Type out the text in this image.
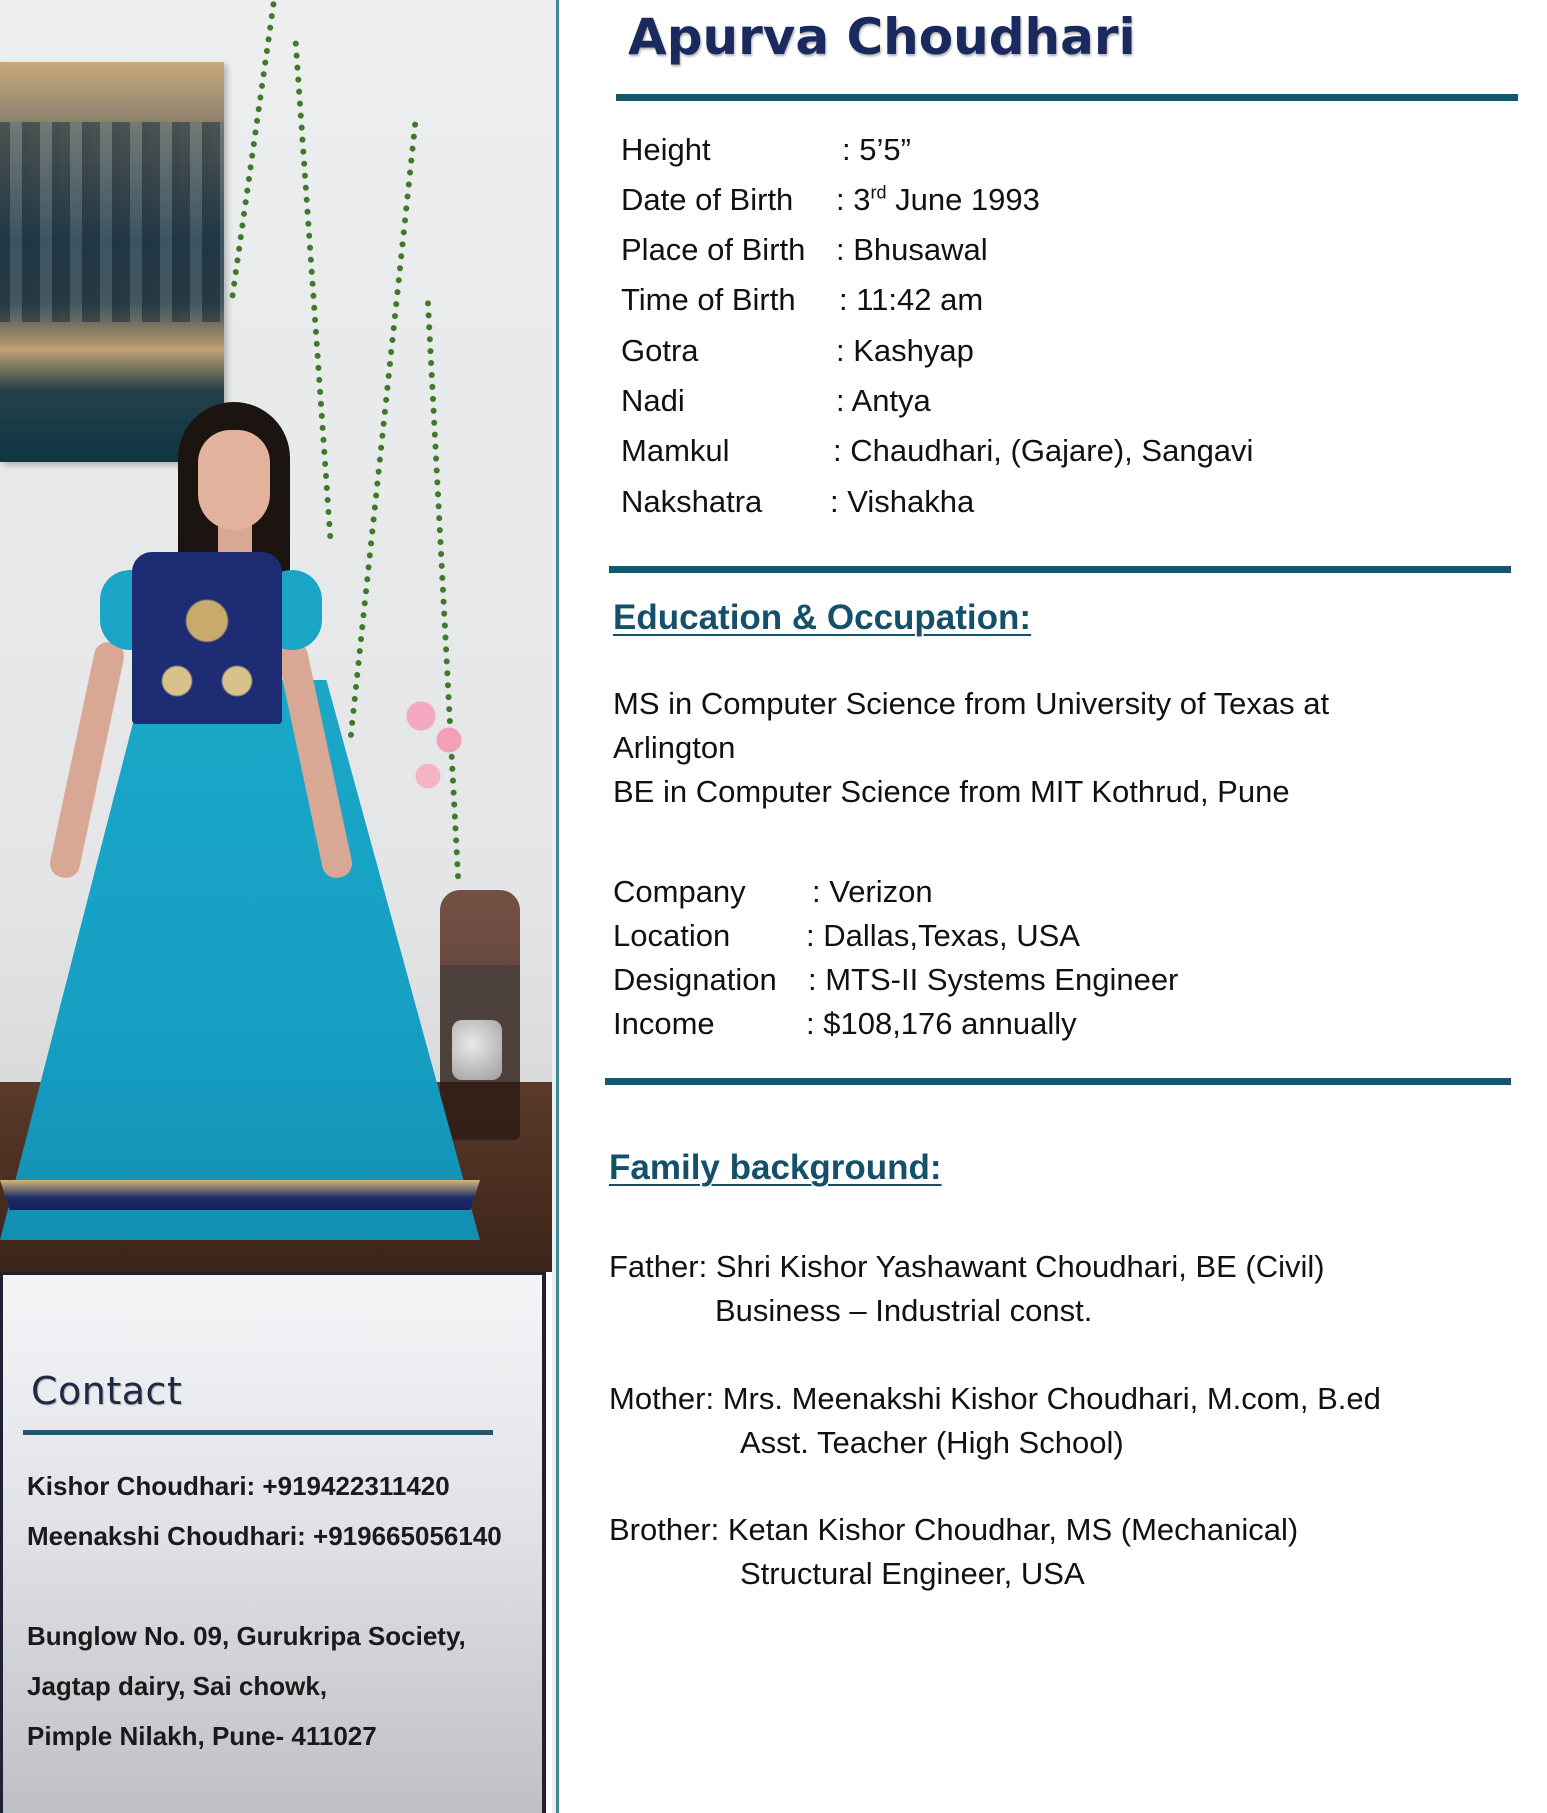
Contact

Kishor Choudhari: +919422311420

Meenakshi Choudhari: +919665056140

Bunglow No. 09, Gurukripa Society,

Jagtap dairy, Sai chowk,

Pimple Nilakh, Pune- 411027

Apurva Choudhari
Height	: 5’5”
Date of Birth : 3rd June 1993
Place of Birth : Bhusawal
Time of Birth : 11:42 am
Gotra	: Kashyap
Nadi	: Antya
Mamkul	: Chaudhari, (Gajare), Sangavi
Nakshatra : Vishakha
Education & Occupation:

MS in Computer Science from University of Texas at

Arlington

BE in Computer Science from MIT Kothrud, Pune

Company : Verizon
Location : Dallas,Texas, USA
Designation : MTS-II Systems Engineer
Income	: $108,176 annually
Family background:

Father: Shri Kishor Yashawant Choudhari, BE (Civil)

Business – Industrial const.

Mother: Mrs. Meenakshi Kishor Choudhari, M.com, B.ed

Asst. Teacher (High School)

Brother: Ketan Kishor Choudhar, MS (Mechanical)

Structural Engineer, USA
